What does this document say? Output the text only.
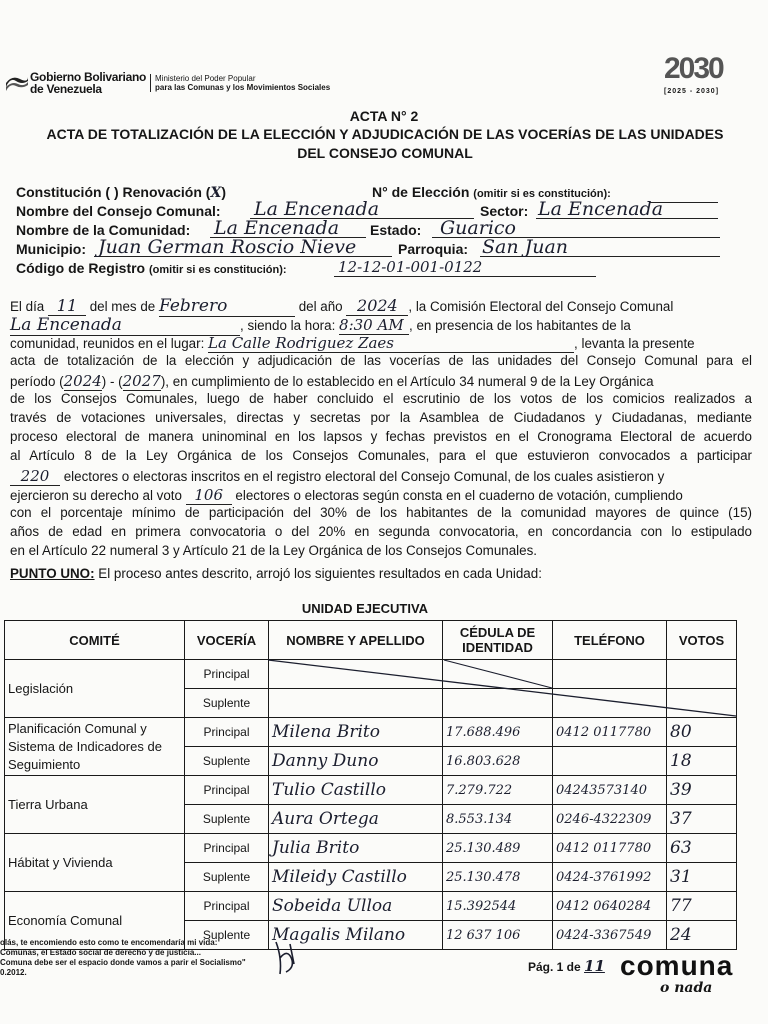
Gobierno Bolivariano
de Venezuela
Ministerio del Poder Popular
para las Comunas y los Movimientos Sociales
2030
[2025 - 2030]
ACTA N° 2
ACTA DE TOTALIZACIÓN DE LA ELECCIÓN Y ADJUDICACIÓN DE LAS VOCERÍAS DE LAS UNIDADES DEL CONSEJO COMUNAL
Constitución ( ) Renovación (X)	N° de Elección (omitir si es constitución):
Nombre del Consejo Comunal: La Encenada	Sector: La Encenada
Nombre de la Comunidad: La Encenada Estado: Guarico
Municipio: Juan German Roscio Nieve	Parroquia: San Juan
Código de Registro (omitir si es constitución):	12-12-01-001-0122
El día 11 del mes de Febrero	del año 2024 , la Comisión Electoral del Consejo Comunal
La Encenada	, siendo la hora: 8:30 AM , en presencia de los habitantes de la
comunidad, reunidos en el lugar: La Calle Rodriguez Zaes	, levanta la presente
acta de totalización de la elección y adjudicación de las vocerías de las unidades del Consejo Comunal para el
período (2024) - (2027), en cumplimiento de lo establecido en el Artículo 34 numeral 9 de la Ley Orgánica
de los Consejos Comunales, luego de haber concluido el escrutinio de los votos de los comicios realizados a
través de votaciones universales, directas y secretas por la Asamblea de Ciudadanos y Ciudadanas, mediante
proceso electoral de manera uninominal en los lapsos y fechas previstos en el Cronograma Electoral de acuerdo
al Artículo 8 de la Ley Orgánica de los Consejos Comunales, para el que estuvieron convocados a participar
220 electores o electoras inscritos en el registro electoral del Consejo Comunal, de los cuales asistieron y
ejercieron su derecho al voto 106 electores o electoras según consta en el cuaderno de votación, cumpliendo
con el porcentaje mínimo de participación del 30% de los habitantes de la comunidad mayores de quince (15)
años de edad en primera convocatoria o del 20% en segunda convocatoria, en concordancia con lo estipulado
en el Artículo 22 numeral 3 y Artículo 21 de la Ley Orgánica de los Consejos Comunales.
PUNTO UNO: El proceso antes descrito, arrojó los siguientes resultados en cada Unidad:
UNIDAD EJECUTIVA
COMITÉ	VOCERÍA	NOMBRE Y APELLIDO	CÉDULA DE IDENTIDAD	TELÉFONO	VOTOS
Legislación	Principal				
	Suplente				
Planificación Comunal y Sistema de Indicadores de Seguimiento	Principal	Milena Brito	17.688.496	0412 0117780	80
	Suplente	Danny Duno	16.803.628		18
Tierra Urbana	Principal	Tulio Castillo	7.279.722	04243573140	39
	Suplente	Aura Ortega	8.553.134	0246-4322309	37
Hábitat y Vivienda	Principal	Julia Brito	25.130.489	0412 0117780	63
	Suplente	Mileidy Castillo	25.130.478	0424-3761992	31
Economía Comunal	Principal	Sobeida Ulloa	15.392544	0412 0640284	77
	Suplente	Magalis Milano	12 637 106	0424-3367549	24
olás, te encomiendo esto como te encomendaría mi vida:
Comunas, el Estado social de derecho y de justicia...
Comuna debe ser el espacio donde vamos a parir el Socialismo"
0.2012.	Pág. 1 de 11 comuna
o nada
